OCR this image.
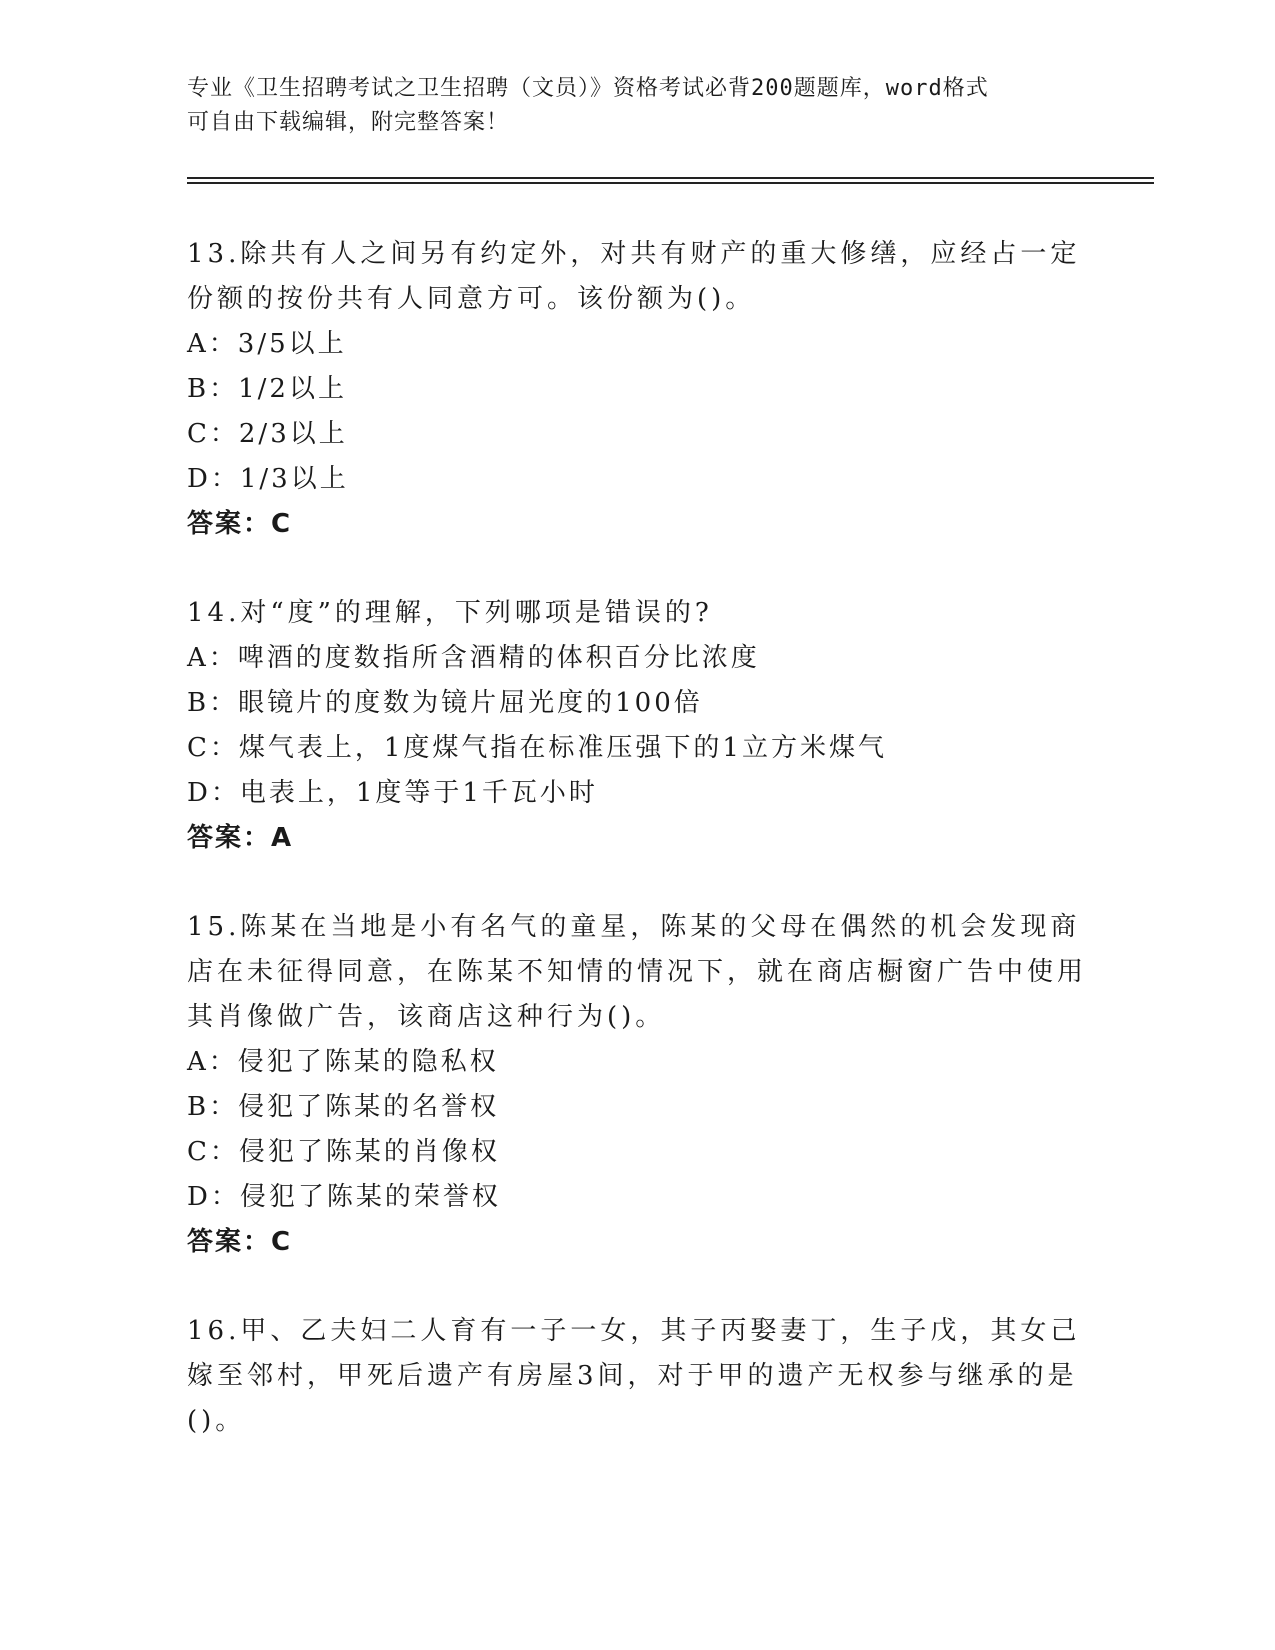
专业《卫生招聘考试之卫生招聘（文员）》资格考试必背200题题库，word格式
可自由下载编辑，附完整答案！
13.除共有人之间另有约定外，对共有财产的重大修缮，应经占一定份额的按份共有人同意方可。该份额为()。
A：3/5以上
B：1/2以上
C：2/3以上
D：1/3以上
答案：C
14.对“度”的理解，下列哪项是错误的?
A：啤酒的度数指所含酒精的体积百分比浓度
B：眼镜片的度数为镜片屈光度的100倍
C：煤气表上，1度煤气指在标准压强下的1立方米煤气
D：电表上，1度等于1千瓦小时
答案：A
15.陈某在当地是小有名气的童星，陈某的父母在偶然的机会发现商店在未征得同意，在陈某不知情的情况下，就在商店橱窗广告中使用其肖像做广告，该商店这种行为()。
A：侵犯了陈某的隐私权
B：侵犯了陈某的名誉权
C：侵犯了陈某的肖像权
D：侵犯了陈某的荣誉权
答案：C
16.甲、乙夫妇二人育有一子一女，其子丙娶妻丁，生子戊，其女己嫁至邻村，甲死后遗产有房屋3间，对于甲的遗产无权参与继承的是()。
